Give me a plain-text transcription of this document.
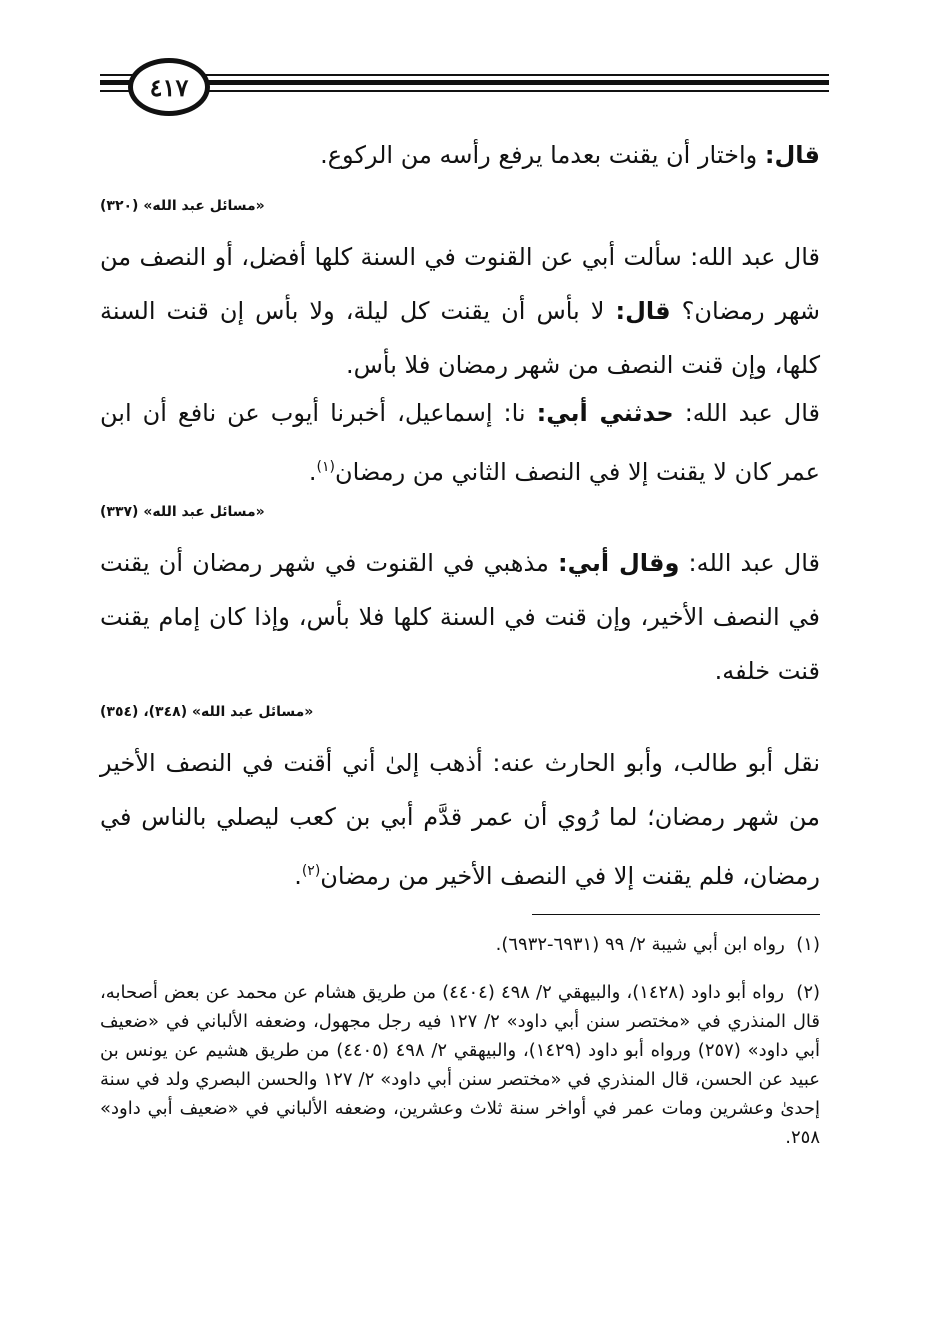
٤١٧
قال: واختار أن يقنت بعدما يرفع رأسه من الركوع.
«مسائل عبد الله» (٣٢٠)
قال عبد الله: سألت أبي عن القنوت في السنة كلها أفضل، أو النصف من شهر رمضان؟ قال: لا بأس أن يقنت كل ليلة، ولا بأس إن قنت السنة كلها، وإن قنت النصف من شهر رمضان فلا بأس.
قال عبد الله: حدثني أبي: نا: إسماعيل، أخبرنا أيوب عن نافع أن ابن عمر كان لا يقنت إلا في النصف الثاني من رمضان$^{(١)}$.
«مسائل عبد الله» (٣٣٧)
قال عبد الله: وقال أبي: مذهبي في القنوت في شهر رمضان أن يقنت في النصف الأخير، وإن قنت في السنة كلها فلا بأس، وإذا كان إمام يقنت قنت خلفه.
«مسائل عبد الله» (٣٤٨)، (٣٥٤)
نقل أبو طالب، وأبو الحارث عنه: أذهب إلىٰ أني أقنت في النصف الأخير من شهر رمضان؛ لما رُوي أن عمر قدَّم أبي بن كعب ليصلي بالناس في رمضان، فلم يقنت إلا في النصف الأخير من رمضان$^{(٢)}$.
(١)  رواه ابن أبي شيبة ٢/ ٩٩ (٦٩٣١-٦٩٣٢).
(٢)  رواه أبو داود (١٤٢٨)، والبيهقي ٢/ ٤٩٨ (٤٤٠٤) من طريق هشام عن محمد عن بعض أصحابه، قال المنذري في «مختصر سنن أبي داود» ٢/ ١٢٧ فيه رجل مجهول، وضعفه الألباني في «ضعيف أبي داود» (٢٥٧) ورواه أبو داود (١٤٢٩)، والبيهقي ٢/ ٤٩٨ (٤٤٠٥) من طريق هشيم عن يونس بن عبيد عن الحسن، قال المنذري في «مختصر سنن أبي داود» ٢/ ١٢٧ والحسن البصري ولد في سنة إحدىٰ وعشرين ومات عمر في أواخر سنة ثلاث وعشرين، وضعفه الألباني في «ضعيف أبي داود» ٢٥٨.
